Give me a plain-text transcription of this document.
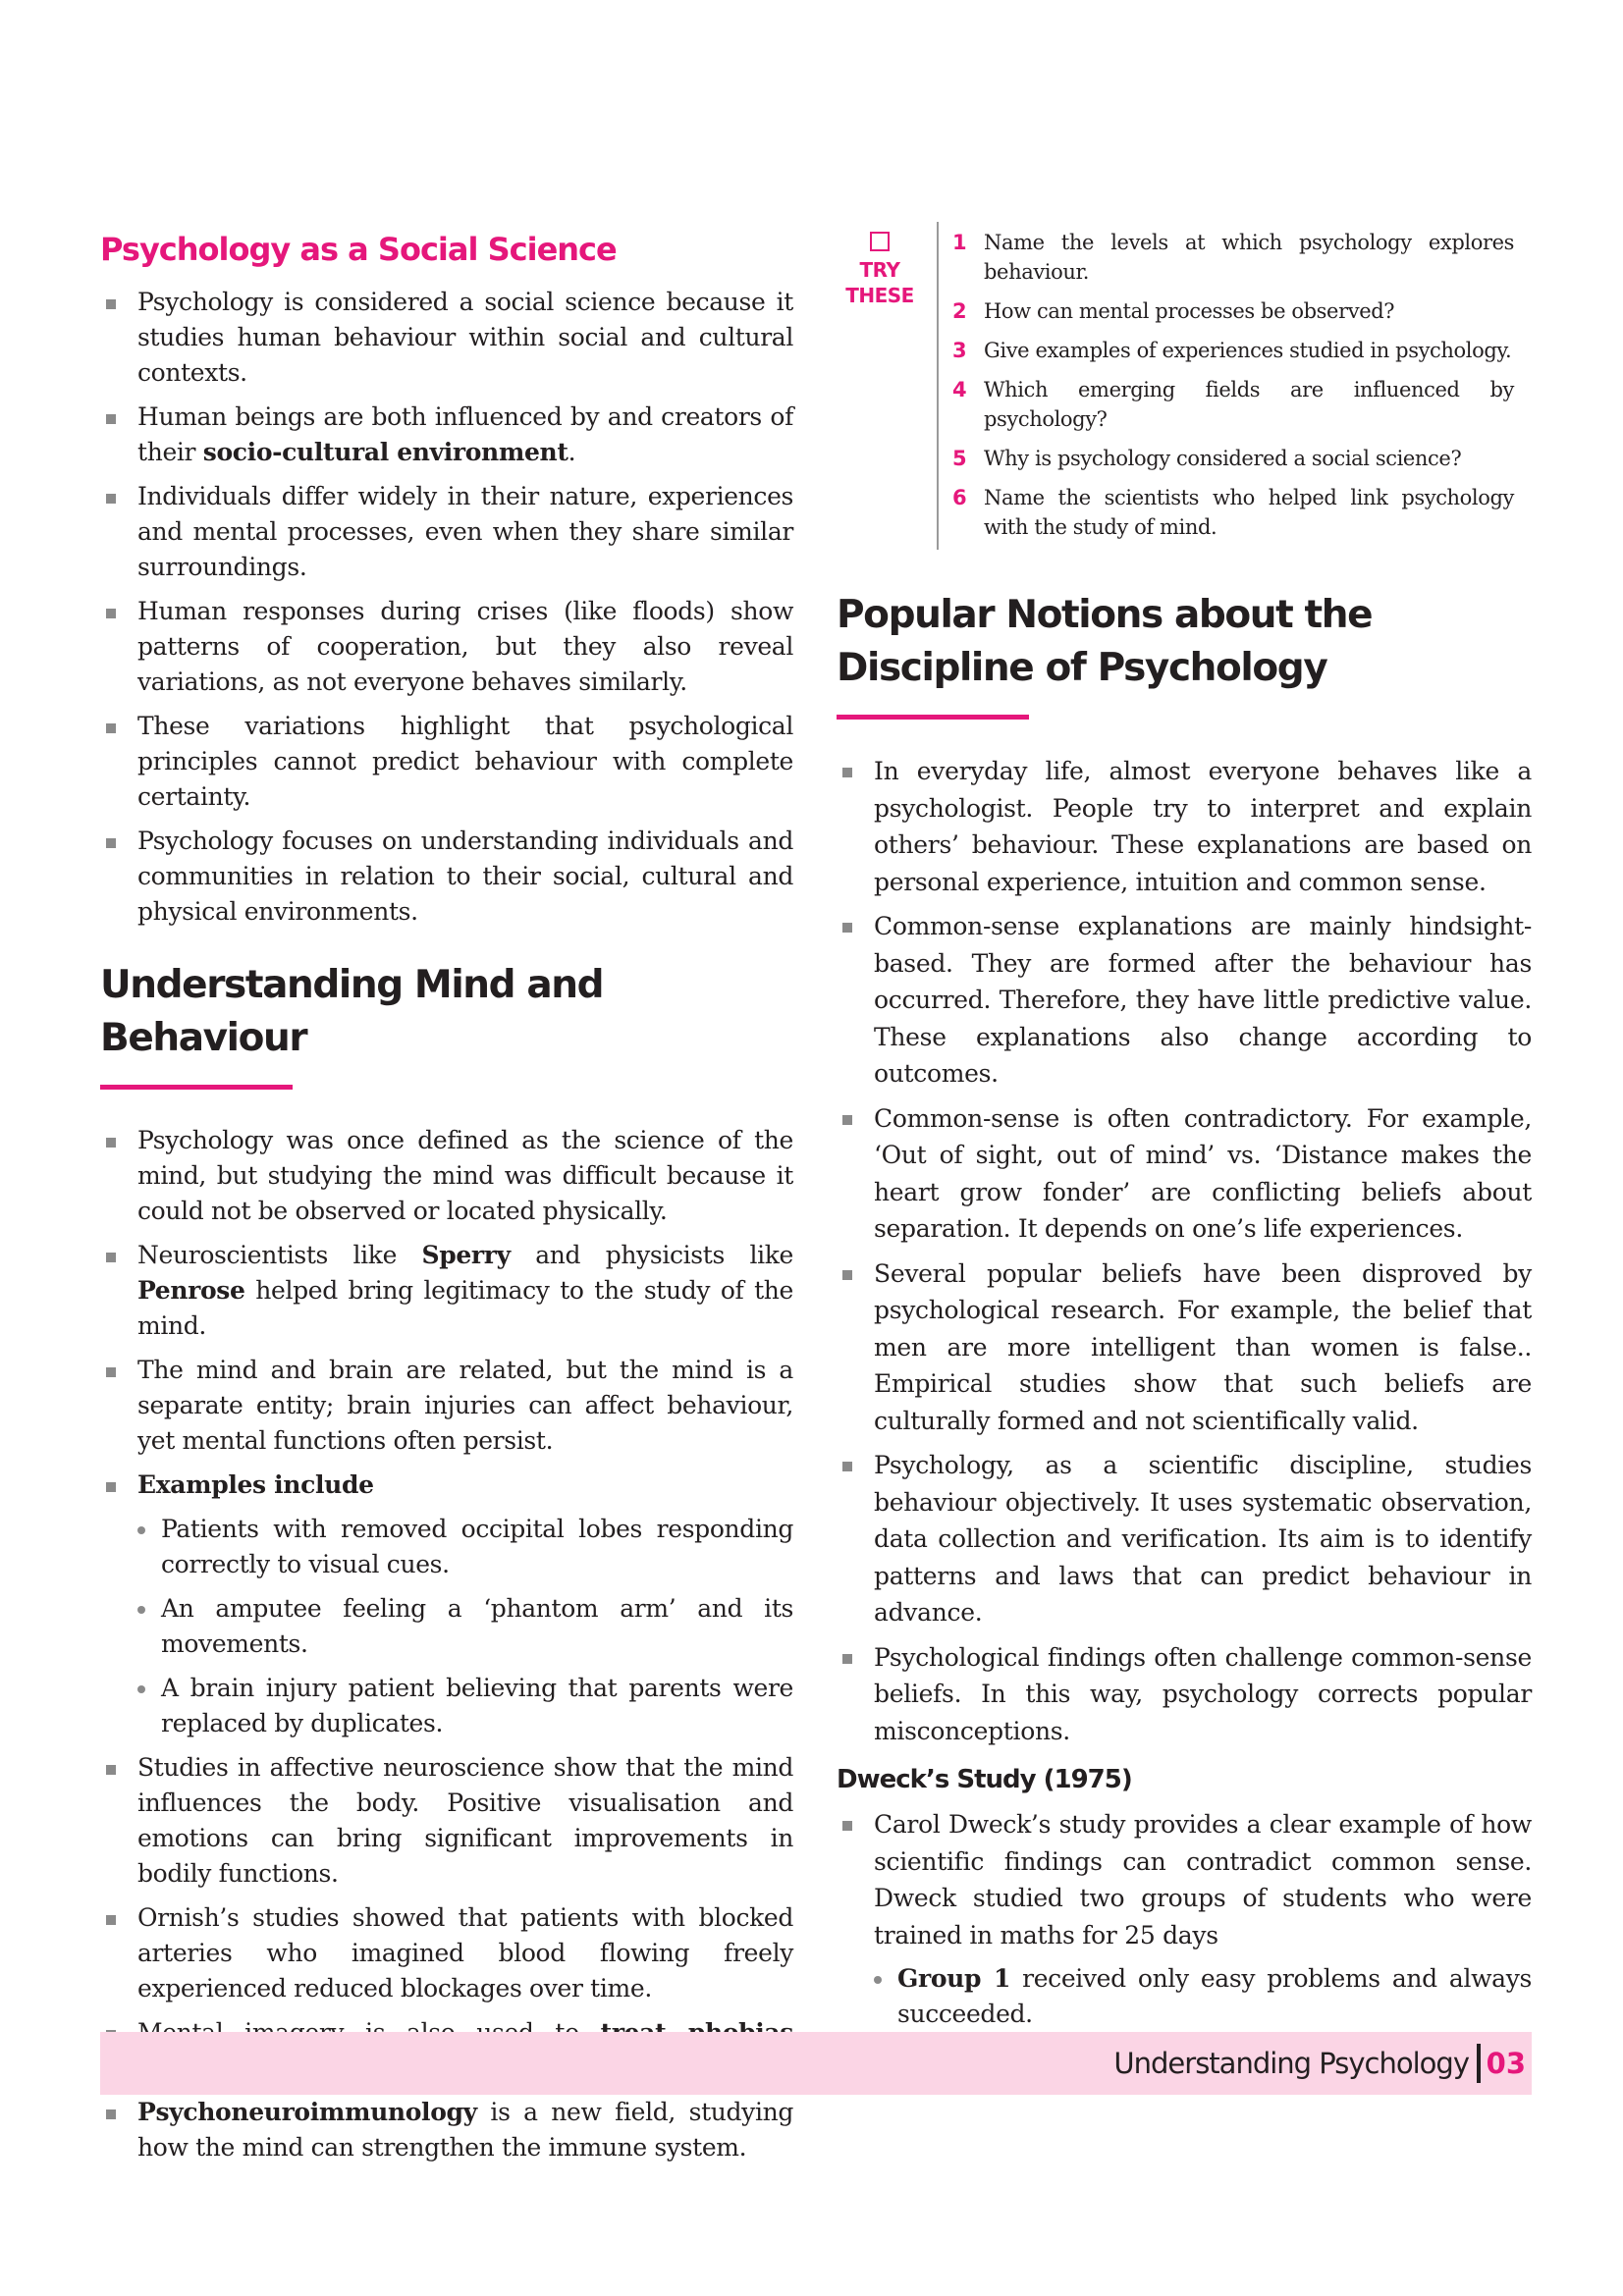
Psychology as a Social Science
Psychology is considered a social science because it studies human behaviour within social and cultural contexts.
Human beings are both influenced by and creators of their socio-cultural environment.
Individuals differ widely in their nature, experiences and mental processes, even when they share similar surroundings.
Human responses during crises (like floods) show patterns of cooperation, but they also reveal variations, as not everyone behaves similarly.
These variations highlight that psychological principles cannot predict behaviour with complete certainty.
Psychology focuses on understanding individuals and communities in relation to their social, cultural and physical environments.
Understanding Mind and Behaviour
Psychology was once defined as the science of the mind, but studying the mind was difficult because it could not be observed or located physically.
Neuroscientists like Sperry and physicists like Penrose helped bring legitimacy to the study of the mind.
The mind and brain are related, but the mind is a separate entity; brain injuries can affect behaviour, yet mental functions often persist.
Examples include
Patients with removed occipital lobes responding correctly to visual cues.
An amputee feeling a ‘phantom arm’ and its movements.
A brain injury patient believing that parents were replaced by duplicates.
Studies in affective neuroscience show that the mind influences the body. Positive visualisation and emotions can bring significant improvements in bodily functions.
Ornish’s studies showed that patients with blocked arteries who imagined blood flowing freely experienced reduced blockages over time.
Psychoneuroimmunology is a new field, studying how the mind can strengthen the immune system.
TRY
THESE
1 Name the levels at which psychology explores behaviour.
2 How can mental processes be observed?
3 Give examples of experiences studied in psychology.
4 Which emerging fields are influenced by psychology?
5 Why is psychology considered a social science?
6 Name the scientists who helped link psychology with the study of mind.
Popular Notions about the
Discipline of Psychology
In everyday life, almost everyone behaves like a psychologist. People try to interpret and explain others’ behaviour. These explanations are based on personal experience, intuition and common sense.
Common-sense explanations are mainly hindsight-based. They are formed after the behaviour has occurred. Therefore, they have little predictive value. These explanations also change according to outcomes.
Common-sense is often contradictory. For example, ‘Out of sight, out of mind’ vs. ‘Distance makes the heart grow fonder’ are conflicting beliefs about separation. It depends on one’s life experiences.
Several popular beliefs have been disproved by psychological research. For example, the belief that men are more intelligent than women is false.. Empirical studies show that such beliefs are culturally formed and not scientifically valid.
Psychology, as a scientific discipline, studies behaviour objectively. It uses systematic observation, data collection and verification. Its aim is to identify patterns and laws that can predict behaviour in advance.
Psychological findings often challenge common-sense beliefs. In this way, psychology corrects popular misconceptions.
Dweck’s Study (1975)
Carol Dweck’s study provides a clear example of how scientific findings can contradict common sense. Dweck studied two groups of students who were trained in maths for 25 days
Group 1 received only easy problems and always succeeded.
Understanding Psychology 03
